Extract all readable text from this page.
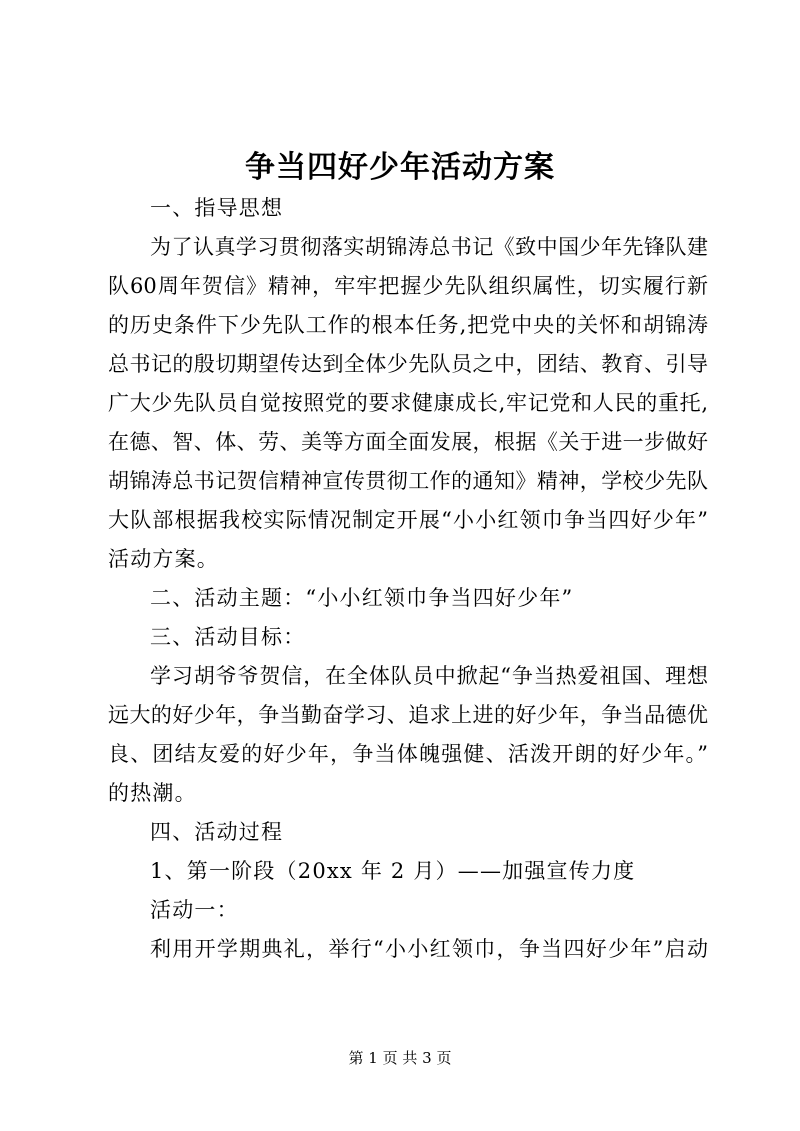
争当四好少年活动方案
一、指导思想
为了认真学习贯彻落实胡锦涛总书记《致中国少年先锋队建
队60周年贺信》精神，牢牢把握少先队组织属性，切实履行新
的历史条件下少先队工作的根本任务,把党中央的关怀和胡锦涛
总书记的殷切期望传达到全体少先队员之中，团结、教育、引导
广大少先队员自觉按照党的要求健康成长,牢记党和人民的重托,
在德、智、体、劳、美等方面全面发展，根据《关于进一步做好
胡锦涛总书记贺信精神宣传贯彻工作的通知》精神，学校少先队
大队部根据我校实际情况制定开展“小小红领巾争当四好少年”
活动方案。
二、活动主题：“小小红领巾争当四好少年”
三、活动目标：
学习胡爷爷贺信，在全体队员中掀起“争当热爱祖国、理想
远大的好少年，争当勤奋学习、追求上进的好少年，争当品德优
良、团结友爱的好少年，争当体魄强健、活泼开朗的好少年。”
的热潮。
四、活动过程
1、第一阶段（20xx 年 2 月）——加强宣传力度
活动一：
利用开学期典礼，举行“小小红领巾，争当四好少年”启动
第 1 页 共 3 页
